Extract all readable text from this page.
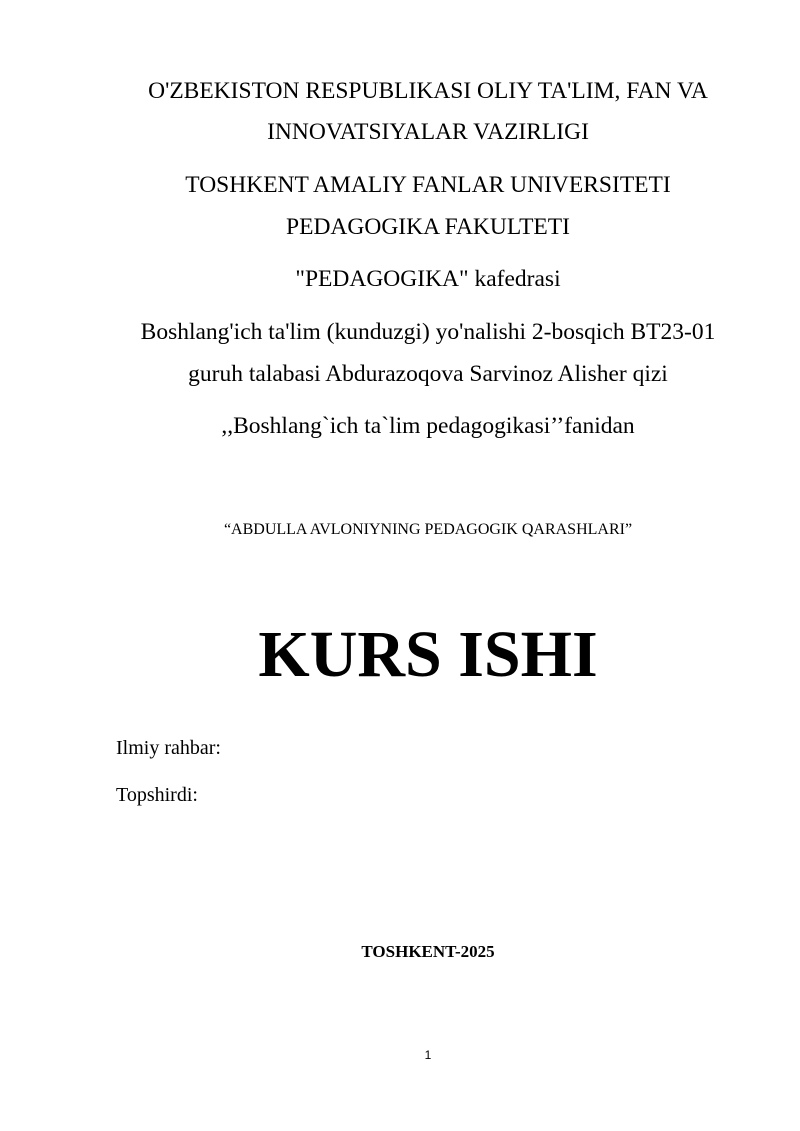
O'ZBEKISTON RESPUBLIKASI OLIY TA'LIM, FAN VA
INNOVATSIYALAR VAZIRLIGI
TOSHKENT AMALIY FANLAR UNIVERSITETI
PEDAGOGIKA FAKULTETI
"PEDAGOGIKA" kafedrasi
Boshlang'ich ta'lim (kunduzgi) yo'nalishi 2-bosqich BT23-01
guruh talabasi Abdurazoqova Sarvinoz Alisher qizi
,,Boshlang`ich ta`lim pedagogikasi’’fanidan
“ABDULLA AVLONIYNING PEDAGOGIK QARASHLARI”
KURS ISHI
Ilmiy rahbar:
Topshirdi:
TOSHKENT-2025
1
